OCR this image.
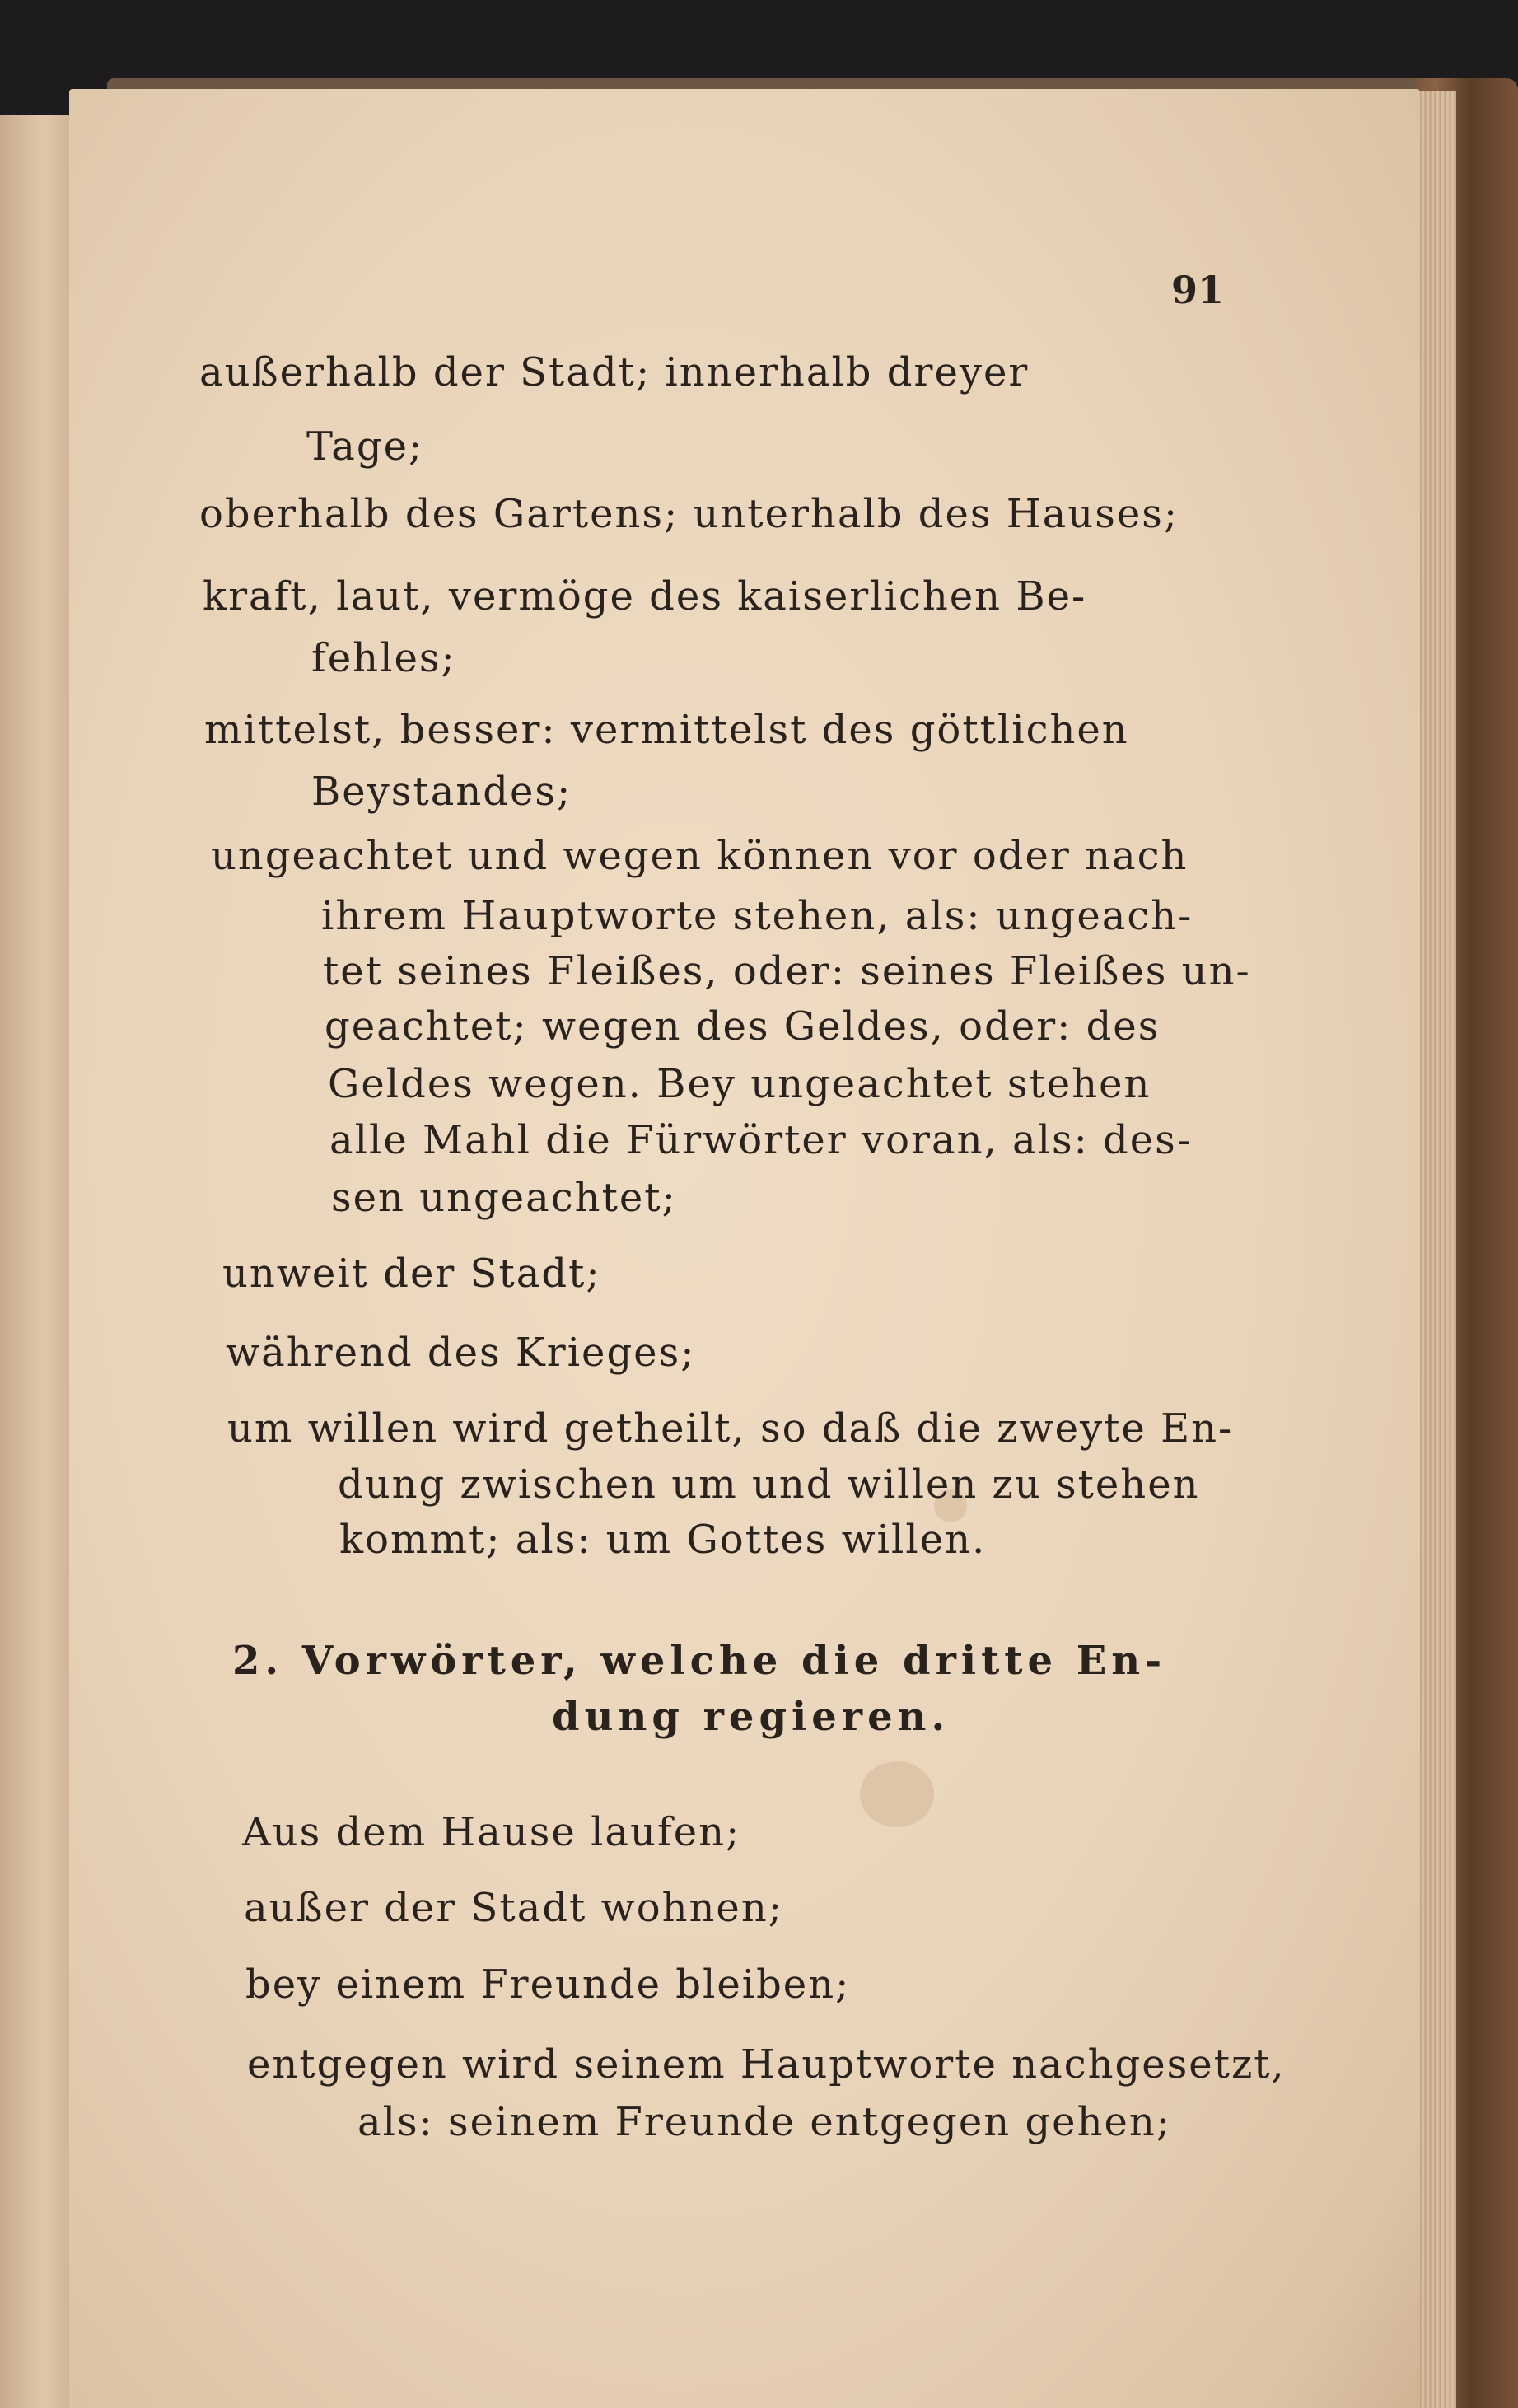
91
außerhalb der Stadt; innerhalb dreyer
Tage;
oberhalb des Gartens; unterhalb des Hauses;
kraft, laut, vermöge des kaiserlichen Be-
fehles;
mittelst, besser: vermittelst des göttlichen
Beystandes;
ungeachtet und wegen können vor oder nach
ihrem Hauptworte stehen, als: ungeach-
tet seines Fleißes, oder: seines Fleißes un-
geachtet; wegen des Geldes, oder: des
Geldes wegen. Bey ungeachtet stehen
alle Mahl die Fürwörter voran, als: des-
sen ungeachtet;
unweit der Stadt;
während des Krieges;
um willen wird getheilt, so daß die zweyte En-
dung zwischen um und willen zu stehen
kommt; als: um Gottes willen.
2. Vorwörter, welche die dritte En-
dung regieren.
Aus dem Hause laufen;
außer der Stadt wohnen;
bey einem Freunde bleiben;
entgegen wird seinem Hauptworte nachgesetzt,
als: seinem Freunde entgegen gehen;
